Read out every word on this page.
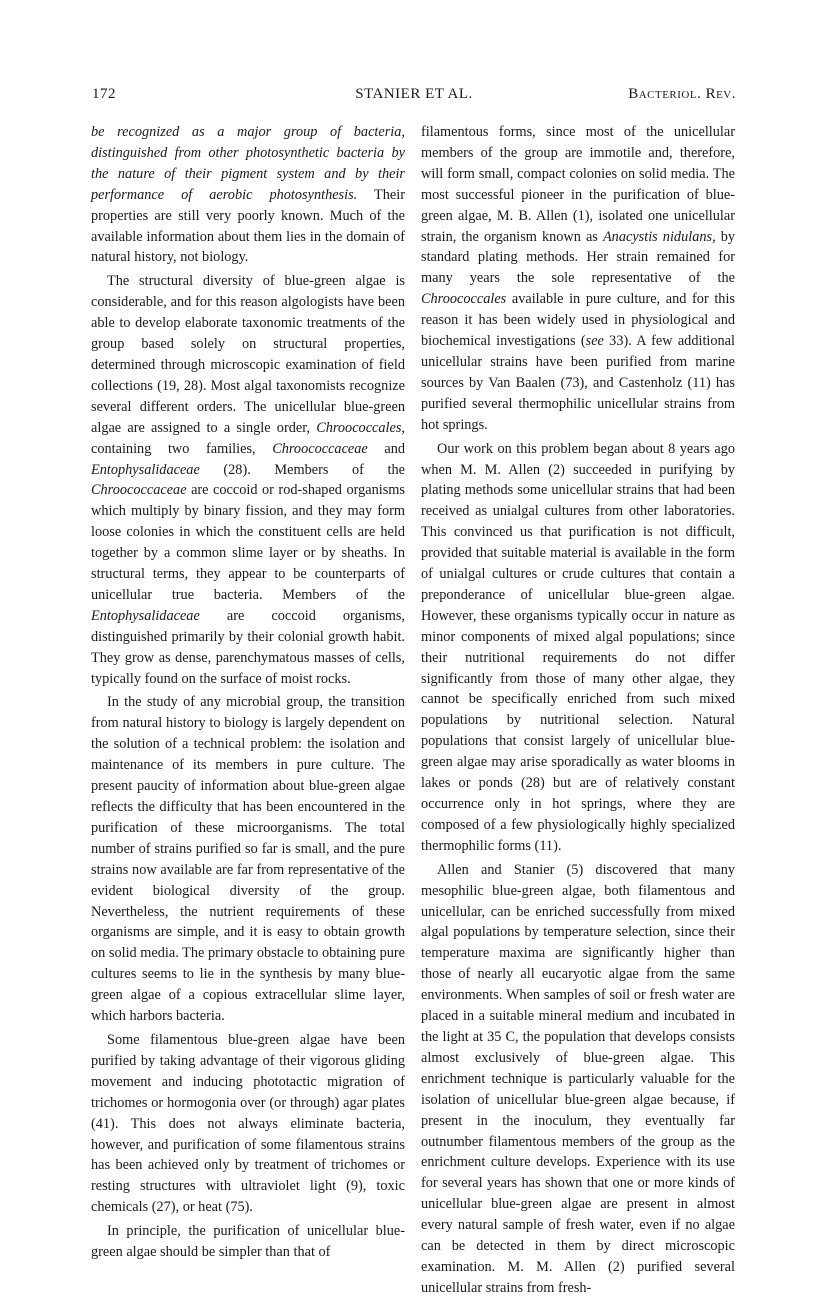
172	STANIER ET AL.	Bacteriol. Rev.

be recognized as a major group of bacteria, distinguished from other photosynthetic bacteria by the nature of their pigment system and by their performance of aerobic photosynthesis. Their properties are still very poorly known. Much of the available information about them lies in the domain of natural history, not biology.

The structural diversity of blue-green algae is considerable, and for this reason algologists have been able to develop elaborate taxonomic treatments of the group based solely on structural properties, determined through microscopic examination of field collections (19, 28). Most algal taxonomists recognize several different orders. The unicellular blue-green algae are assigned to a single order, Chroococcales, containing two families, Chroococcaceae and Entophysalidaceae (28). Members of the Chroococcaceae are coccoid or rod-shaped organisms which multiply by binary fission, and they may form loose colonies in which the constituent cells are held together by a common slime layer or by sheaths. In structural terms, they appear to be counterparts of unicellular true bacteria. Members of the Entophysalidaceae are coccoid organisms, distinguished primarily by their colonial growth habit. They grow as dense, parenchymatous masses of cells, typically found on the surface of moist rocks.

In the study of any microbial group, the transition from natural history to biology is largely dependent on the solution of a technical problem: the isolation and maintenance of its members in pure culture. The present paucity of information about blue-green algae reflects the difficulty that has been encountered in the purification of these microorganisms. The total number of strains purified so far is small, and the pure strains now available are far from representative of the evident biological diversity of the group. Nevertheless, the nutrient requirements of these organisms are simple, and it is easy to obtain growth on solid media. The primary obstacle to obtaining pure cultures seems to lie in the synthesis by many blue-green algae of a copious extracellular slime layer, which harbors bacteria.

Some filamentous blue-green algae have been purified by taking advantage of their vigorous gliding movement and inducing phototactic migration of trichomes or hormogonia over (or through) agar plates (41). This does not always eliminate bacteria, however, and purification of some filamentous strains has been achieved only by treatment of trichomes or resting structures with ultraviolet light (9), toxic chemicals (27), or heat (75).

In principle, the purification of unicellular blue-green algae should be simpler than that of

filamentous forms, since most of the unicellular members of the group are immotile and, therefore, will form small, compact colonies on solid media. The most successful pioneer in the purification of blue-green algae, M. B. Allen (1), isolated one unicellular strain, the organism known as Anacystis nidulans, by standard plating methods. Her strain remained for many years the sole representative of the Chroococcales available in pure culture, and for this reason it has been widely used in physiological and biochemical investigations (see 33). A few additional unicellular strains have been purified from marine sources by Van Baalen (73), and Castenholz (11) has purified several thermophilic unicellular strains from hot springs.

Our work on this problem began about 8 years ago when M. M. Allen (2) succeeded in purifying by plating methods some unicellular strains that had been received as unialgal cultures from other laboratories. This convinced us that purification is not difficult, provided that suitable material is available in the form of unialgal cultures or crude cultures that contain a preponderance of unicellular blue-green algae. However, these organisms typically occur in nature as minor components of mixed algal populations; since their nutritional requirements do not differ significantly from those of many other algae, they cannot be specifically enriched from such mixed populations by nutritional selection. Natural populations that consist largely of unicellular blue-green algae may arise sporadically as water blooms in lakes or ponds (28) but are of relatively constant occurrence only in hot springs, where they are composed of a few physiologically highly specialized thermophilic forms (11).

Allen and Stanier (5) discovered that many mesophilic blue-green algae, both filamentous and unicellular, can be enriched successfully from mixed algal populations by temperature selection, since their temperature maxima are significantly higher than those of nearly all eucaryotic algae from the same environments. When samples of soil or fresh water are placed in a suitable mineral medium and incubated in the light at 35 C, the population that develops consists almost exclusively of blue-green algae. This enrichment technique is particularly valuable for the isolation of unicellular blue-green algae because, if present in the inoculum, they eventually far outnumber filamentous members of the group as the enrichment culture develops. Experience with its use for several years has shown that one or more kinds of unicellular blue-green algae are present in almost every natural sample of fresh water, even if no algae can be detected in them by direct microscopic examination. M. M. Allen (2) purified several unicellular strains from fresh-
